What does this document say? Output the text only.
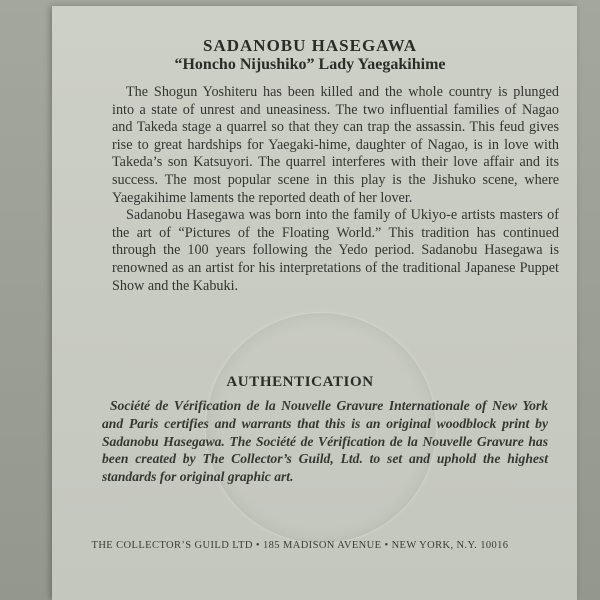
SADANOBU HASEGAWA
“Honcho Nijushiko” Lady Yaegakihime

The Shogun Yoshiteru has been killed and the whole country is plunged into a state of unrest and uneasiness. The two influential families of Nagao and Takeda stage a quarrel so that they can trap the assassin. This feud gives rise to great hardships for Yaegaki-hime, daughter of Nagao, is in love with Takeda’s son Katsuyori. The quarrel interferes with their love affair and its success. The most popular scene in this play is the Jishuko scene, where Yaegakihime laments the reported death of her lover.

Sadanobu Hasegawa was born into the family of Ukiyo-e artists masters of the art of “Pictures of the Floating World.” This tradition has continued through the 100 years following the Yedo period. Sadanobu Hasegawa is renowned as an artist for his interpretations of the traditional Japanese Puppet Show and the Kabuki.

AUTHENTICATION

Société de Vérification de la Nouvelle Gravure Internationale of New York and Paris certifies and warrants that this is an original woodblock print by Sadanobu Hasegawa. The Société de Vérification de la Nouvelle Gravure has been created by The Collector’s Guild, Ltd. to set and uphold the highest standards for original graphic art.

THE COLLECTOR’S GUILD LTD • 185 MADISON AVENUE • NEW YORK, N.Y. 10016
